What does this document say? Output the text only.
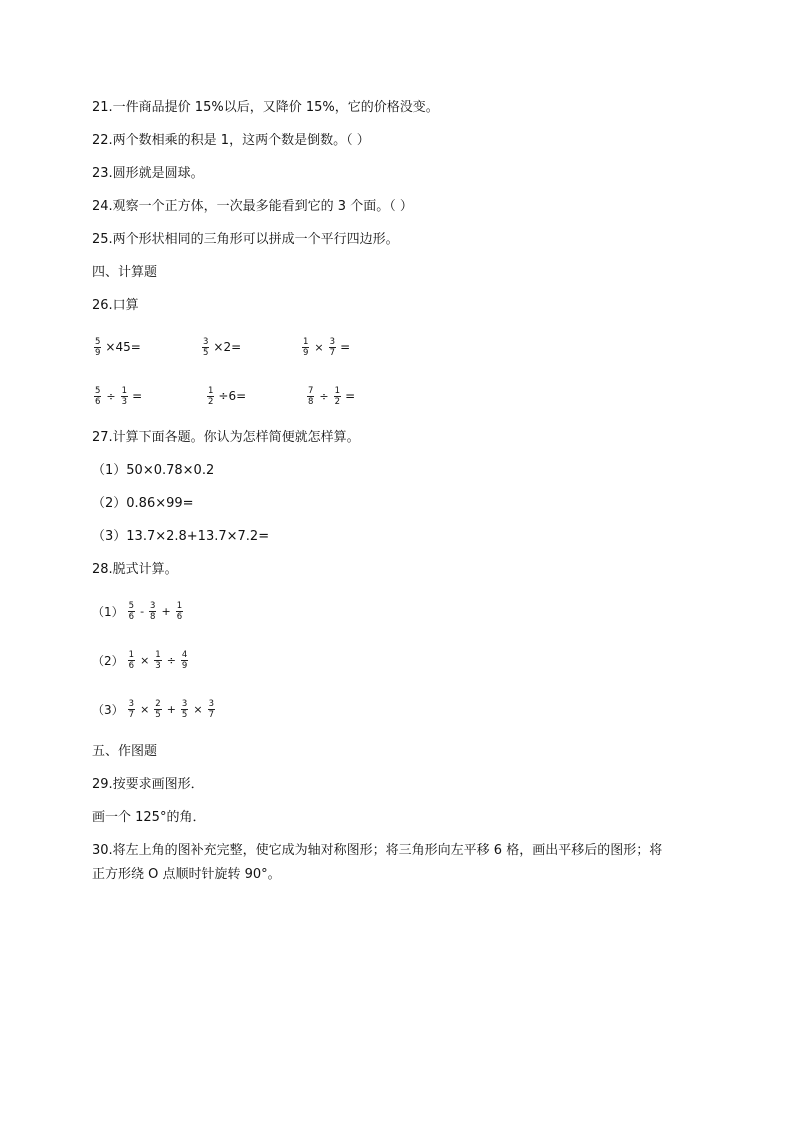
21.一件商品提价 15%以后，又降价 15%，它的价格没变。
22.两个数相乘的积是 1，这两个数是倒数。（ ）
23.圆形就是圆球。
24.观察一个正方体，一次最多能看到它的 3 个面。（ ）
25.两个形状相同的三角形可以拼成一个平行四边形。
四、计算题
26.口算
$\frac{5}{9} \times 45=$	$\frac{3}{5} \times 2=$	$\frac{1}{9} \times \frac{3}{7}$ =
$\frac{5}{6} \div \frac{1}{3}$ =	$\frac{1}{2} \div 6=$	$\frac{7}{8} \div \frac{1}{2}$ =
27.计算下面各题。你认为怎样简便就怎样算。
（1）50×0.78×0.2
（2）0.86×99=
（3）13.7×2.8+13.7×7.2=
28.脱式计算。
$(1) \frac{5}{6} - \frac{3}{8} + \frac{1}{6}$
$(2) \frac{1}{6} \times \frac{1}{3} \div \frac{4}{9}$
$(3) \frac{3}{7} \times \frac{2}{5} + \frac{3}{5} \times \frac{3}{7}$
五、作图题
29.按要求画图形．
画一个 125°的角．
30.将左上角的图补充完整，使它成为轴对称图形；将三角形向左平移 6 格，画出平移后的图形；将
正方形绕 O 点顺时针旋转 90°。
